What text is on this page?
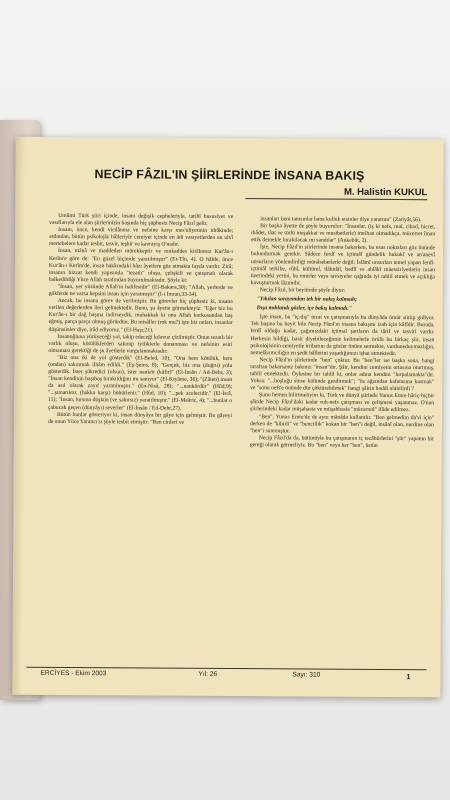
NECİP FÂZIL'IN ŞİİRLERİNDE İNSANA BAKIŞ
M. Halistin KUKUL

Umûmi Türk şiiri içinde, insanı değişik cepheleriyle, tarihî hususiyet ve vasıflarıyla ele alan şiirlerinizin başında hiç şüphesiz Necip Fâzıl gelir.

İnsanı, önce, kendi vicdânına ve nefsine karşı mes'uliyetinin idrâkinde; ardından, bütün psikolojik hâlleriyle cemiyet içinde en âdi vasıyetlerden en ulvî mertebelere kadar tesbit, tasvir, teşhir ve kavrayış O'nadır.

İnsan, mânâ ve maddeden mürekkeptir ve mukaddes kitâbımız Kur'ân-ı Kerîm'e göre de: "En güzel biçimde yaratılmıştır" (Et-Tîn, 4). O hâlde, önce Kur'ân-ı Kerîm'de, insan hakkındaki bâzı âyetlere göz atmakta fayda vardır. Zirâ; insanın bizzat kendi yapısında "tezatlı" oluşu, çelişkili ve çatışmalı olarak halkedildiği Yüce Allah tarafından buyurulmaktadır. Şöyle ki:

"İnsan, yer yüzünde Allah'ın halifesidir" (El-Bakara,30); "Allah, yerlerde ve göklerde ne varsa hepsini insan için yaratmıştır" (İ-i İmran,33-34).

Ancak, bu insana görev de verilmiştir. Bu görevler hiç şüphesiz ki, insana verilen değerlerden ileri gelmektedir. Bunu, şu âyette görmekteyiz: "Eğer biz bu Kur'ân-ı bir dağ başına indirseydik, muhakkak ki onu Allah korkusundan baş eğmiş, parça parça olmuş görürdün. Bu misâller (rok mu?) işte biz onları, insanlar düşünsünler diye, irâd ediyoruz." (El-Haşr,21).

İnsanoğluna yürüyeceği yol, takip edeceği kılavuz çizilmiştir. Onun tezatlı bir varlık oluşu, kötülüklerden sakınıp iyiliklerle donanması ve nefsinin esiri olmaması gerektiği de şu âyetlerle vurgulanmaktadır:

"Biz ona iki de yol gösterdik" (El-Beled, 10); "Ona hem kötülük, hem (ondan) sakınmak ilhâm edildi." (Eş-Şems, 8); "Gerçek, biz ona (doğru) yolu gösterdik. İster şükredici (olsun), ister nankör (kâfir)" (El-İnsân / Ad-Dehr, 3); "İnsan kendinin başıboş bırakıldığını mı sanıyor" (El-Kıyâme, 36); "(Zâten) insan da asıl olarak zayıf yaratılmıştır." (En-Nisâ, 28); "...nankördür" (Hûd,9); "...şımarıktır, (hakka karşı) böbürlenir." (Hûd, 10); "...pek acelecidir." (El-İsrâ, 11); "İnsan, hırsına düşkün (ve sabırsız) yaratılmıştır." (El-Meâric, 4); "...bunlar o çabucak geçen (dünyâyı) severler" (El-İnsân / Ed-Dehr,27).

Bütün bunlar gösteriyor ki, insan dünyâya bir gâye için gelmiştir. Bu gâyeyi de onun Yüce Yaratıcı'sı şöyle tesbit etmiştir: "Ben cinleri ve

insanları beni tanısınlar bana kulluk etsinler diye yarattım" (Zariyât,56).

Bir başka âyette de şöyle buyurulur: "İnsanlar, (iş ki nefs, mal, cihad, hicret, ibâdet, tâat ve türlü meşakkat ve musibetlerle) imtihan olmadıkça, mücerret îman ettik demekle bırakılacak mı sandılar" (Ankebût, 2).

İşte, Necip Fâzıl'ın şiirlerinde insana bakarken, bu esas noktaları göz önünde bulundurmak gerekir. Sâdece ferdî ve içtimâî gündelik hukukî ve an'anevî unsurların yönlendirdiği münâsebetlerle değil; İslâmî unsurları temel yapan ferdî-içtimâî terkibe, rûhî, kültürel, ilâhidâl, bedîî ve ahlâkî müessiriyetlerin insan üzerindeki yerini, bu emirler veya tavsiyeler ışığında iyi tahlil etmek ve açıklığa kavuşturmak lâzımdır.

Necip Fâzıl, bir beyitinde şöyle diyor:

"Yıkılan sarayımdan tek bir nakış kalmadı;

Dışa mıhlandı gözler, içe bakış kalmadı."

İşte insan, bu "iç-dış" tezat ve çatışmasıyla bu dünyâda ömür sürüp gidiyor. Tek başına bu beyit bile Necip Fâzıl'ın insana bakışını izah için kâfîdir. Burada, ferdî olduğu kadar, çağımızdaki içtimaî şartların da târif ve tasviri vardır. Herkesin bildiği, basit diyebileceğimiz kelimelerle örülü bu birkaç şiir, insan psikolojisinin cemiyetle irtibatını da gözler önüne sermekte, vurduneduymazlığın, nemelâzımcılığın en şedit hâllerini yaşadığımızı işhat etmektedir.

Necip Fâzıl'ın şiirlerinde "ben" çoktur. Bu "ben"ler ise başka sona, hangi taraftan bakarsanız bakınız "insan"dır. Şâir, kendini cemiyetin ortasına oturtmuş, tahlil etmektedir. Öylesine bir tahlil ki, onlar adına kendini "hırpalamakta"dır. Yoksa: "...boşluğu sinse külünde gezdirmek"; "öz ağzından kafatasına kusmak" ve "sonu nefs'e önünde dür çöktürebilmek" hangi şâirin haddi olabilirdi ?

Şunu hemen bilirtmeliyim ki, Türk ve dünyâ şiirinde Yunus Emre hâriç-hiçbir şâirde Necip Fâzıl'daki kadar ruh-nefs çatışması ve çelişmesi yaşanmaz. O'nun şiirlerindeki kadar müşahasta ve müşahhasla "mücerred" ifâde edilmez.

"Ben", Yunus Emre'de de aynı mânâda kullanılır. "Ben gelmedim da'vi için" derken de "kibirli" ve "bencillik" kokan bir "ben"i değil, insânî olan, nurdine olan "ben"i sunmuştur.

Necip Fâzıl'da da, bütünüyle bu çatışmanın iç tezâhürlerini "şiir" yapanın bir gereği olarak görmeliyiz. Bu "ben" veya her "ben", üstün

ERCİYES - Ekim 2003	Yıl: 26	Sayı: 310	1
